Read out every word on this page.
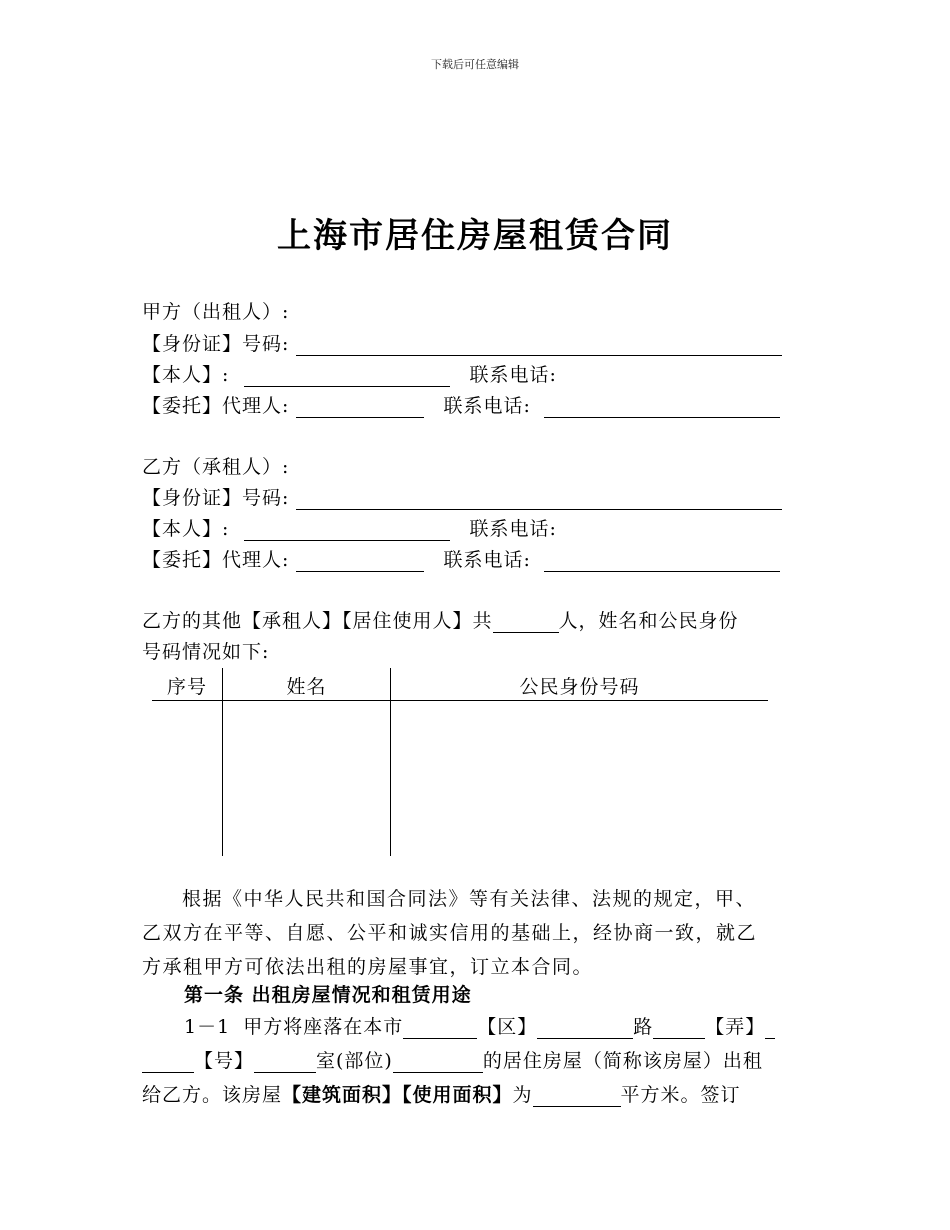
下载后可任意编辑
上海市居住房屋租赁合同
甲方（出租人）:
【身份证】号码:
【本人】:	联系电话:
【委托】代理人:	联系电话:
乙方（承租人）:
【身份证】号码:
【本人】:	联系电话:
【委托】代理人:	联系电话:
乙方的其他【承租人】【居住使用人】共	人，姓名和公民身份
号码情况如下:
序号	姓名	公民身份号码
根据《中华人民共和国合同法》等有关法律、法规的规定，甲、
乙双方在平等、自愿、公平和诚实信用的基础上，经协商一致，就乙
方承租甲方可依法出租的房屋事宜，订立本合同。
第一条 出租房屋情况和租赁用途
1－1 甲方将座落在本市	【区】	路	【弄】
【号】	室(部位)	的居住房屋（简称该房屋）出租
给乙方。该房屋【建筑面积】【使用面积】为	平方米。签订
